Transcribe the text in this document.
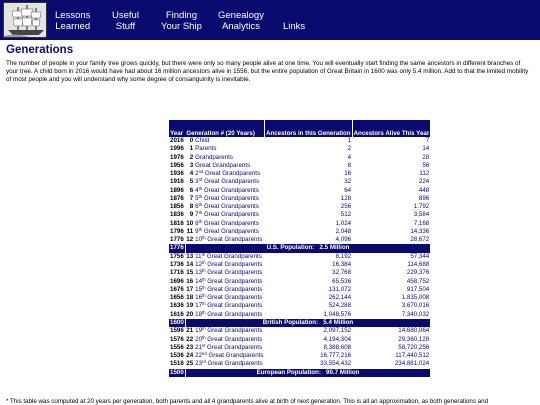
Lessons
Learned
Useful
Stuff
Finding
Your Ship
Genealogy
Analytics	Links
Generations

The number of people in your family tree grows quickly, but there were only so many people alive at one time. You will eventually start finding the same ancestors in different branches of your tree. A child born in 2016 would have had about 16 million ancestors alive in 1556, but the entire population of Great Britain in 1600 was only 5.4 million. Add to that the limited mobility of most people and you will understand why some degree of consanguinity is inevitable.

Year	Generation # (20 Years)		Ancestors in this Generation	Ancestors Alive This Year
2016	0	Child	1	7
1996	1	Parents	2	14
1976	2	Grandparents	4	28
1956	3	Great Grandparents	8	56
1936	4	2nd Great Grandparents	16	112
1916	5	3rd Great Grandparents	32	224
1896	6	4th Great Grandparents	64	448
1876	7	5th Great Grandparents	128	896
1856	8	6th Great Grandparents	256	1,792
1836	9	7th Great Grandparents	512	3,584
1816	10	8th Great Grandparents	1,024	7,168
1796	11	9th Great Grandparents	2,048	14,336
1776	12	10th Great Grandparents	4,096	28,672
1776	U.S. Population: 2.5 Million			
1756	13	11th Great Grandparents	8,192	57,344
1736	14	12th Great Grandparents	16,384	114,688
1716	15	13th Great Grandparents	32,768	229,376
1696	16	14th Great Grandparents	65,536	458,752
1676	17	15th Great Grandparents	131,072	917,504
1656	18	16th Great Grandparents	262,144	1,835,008
1636	19	17th Great Grandparents	524,288	3,670,016
1616	20	18th Great Grandparents	1,048,576	7,340,032
1600	British Population: 5.4 Million			
1596	21	19th Great Grandparents	2,097,152	14,680,064
1576	22	20th Great Grandparents	4,194,304	29,360,128
1556	23	21st Great Grandparents	8,388,608	58,720,256
1536	24	22nd Great Grandparents	16,777,216	117,440,512
1516	25	23rd Great Grandparents	33,554,432	234,881,024
1500	European Population: 90.7 Million			
* This table was computed at 20 years per generation, both parents and all 4 grandparents alive at birth of next generation. This is all an approximation, as both generations and
